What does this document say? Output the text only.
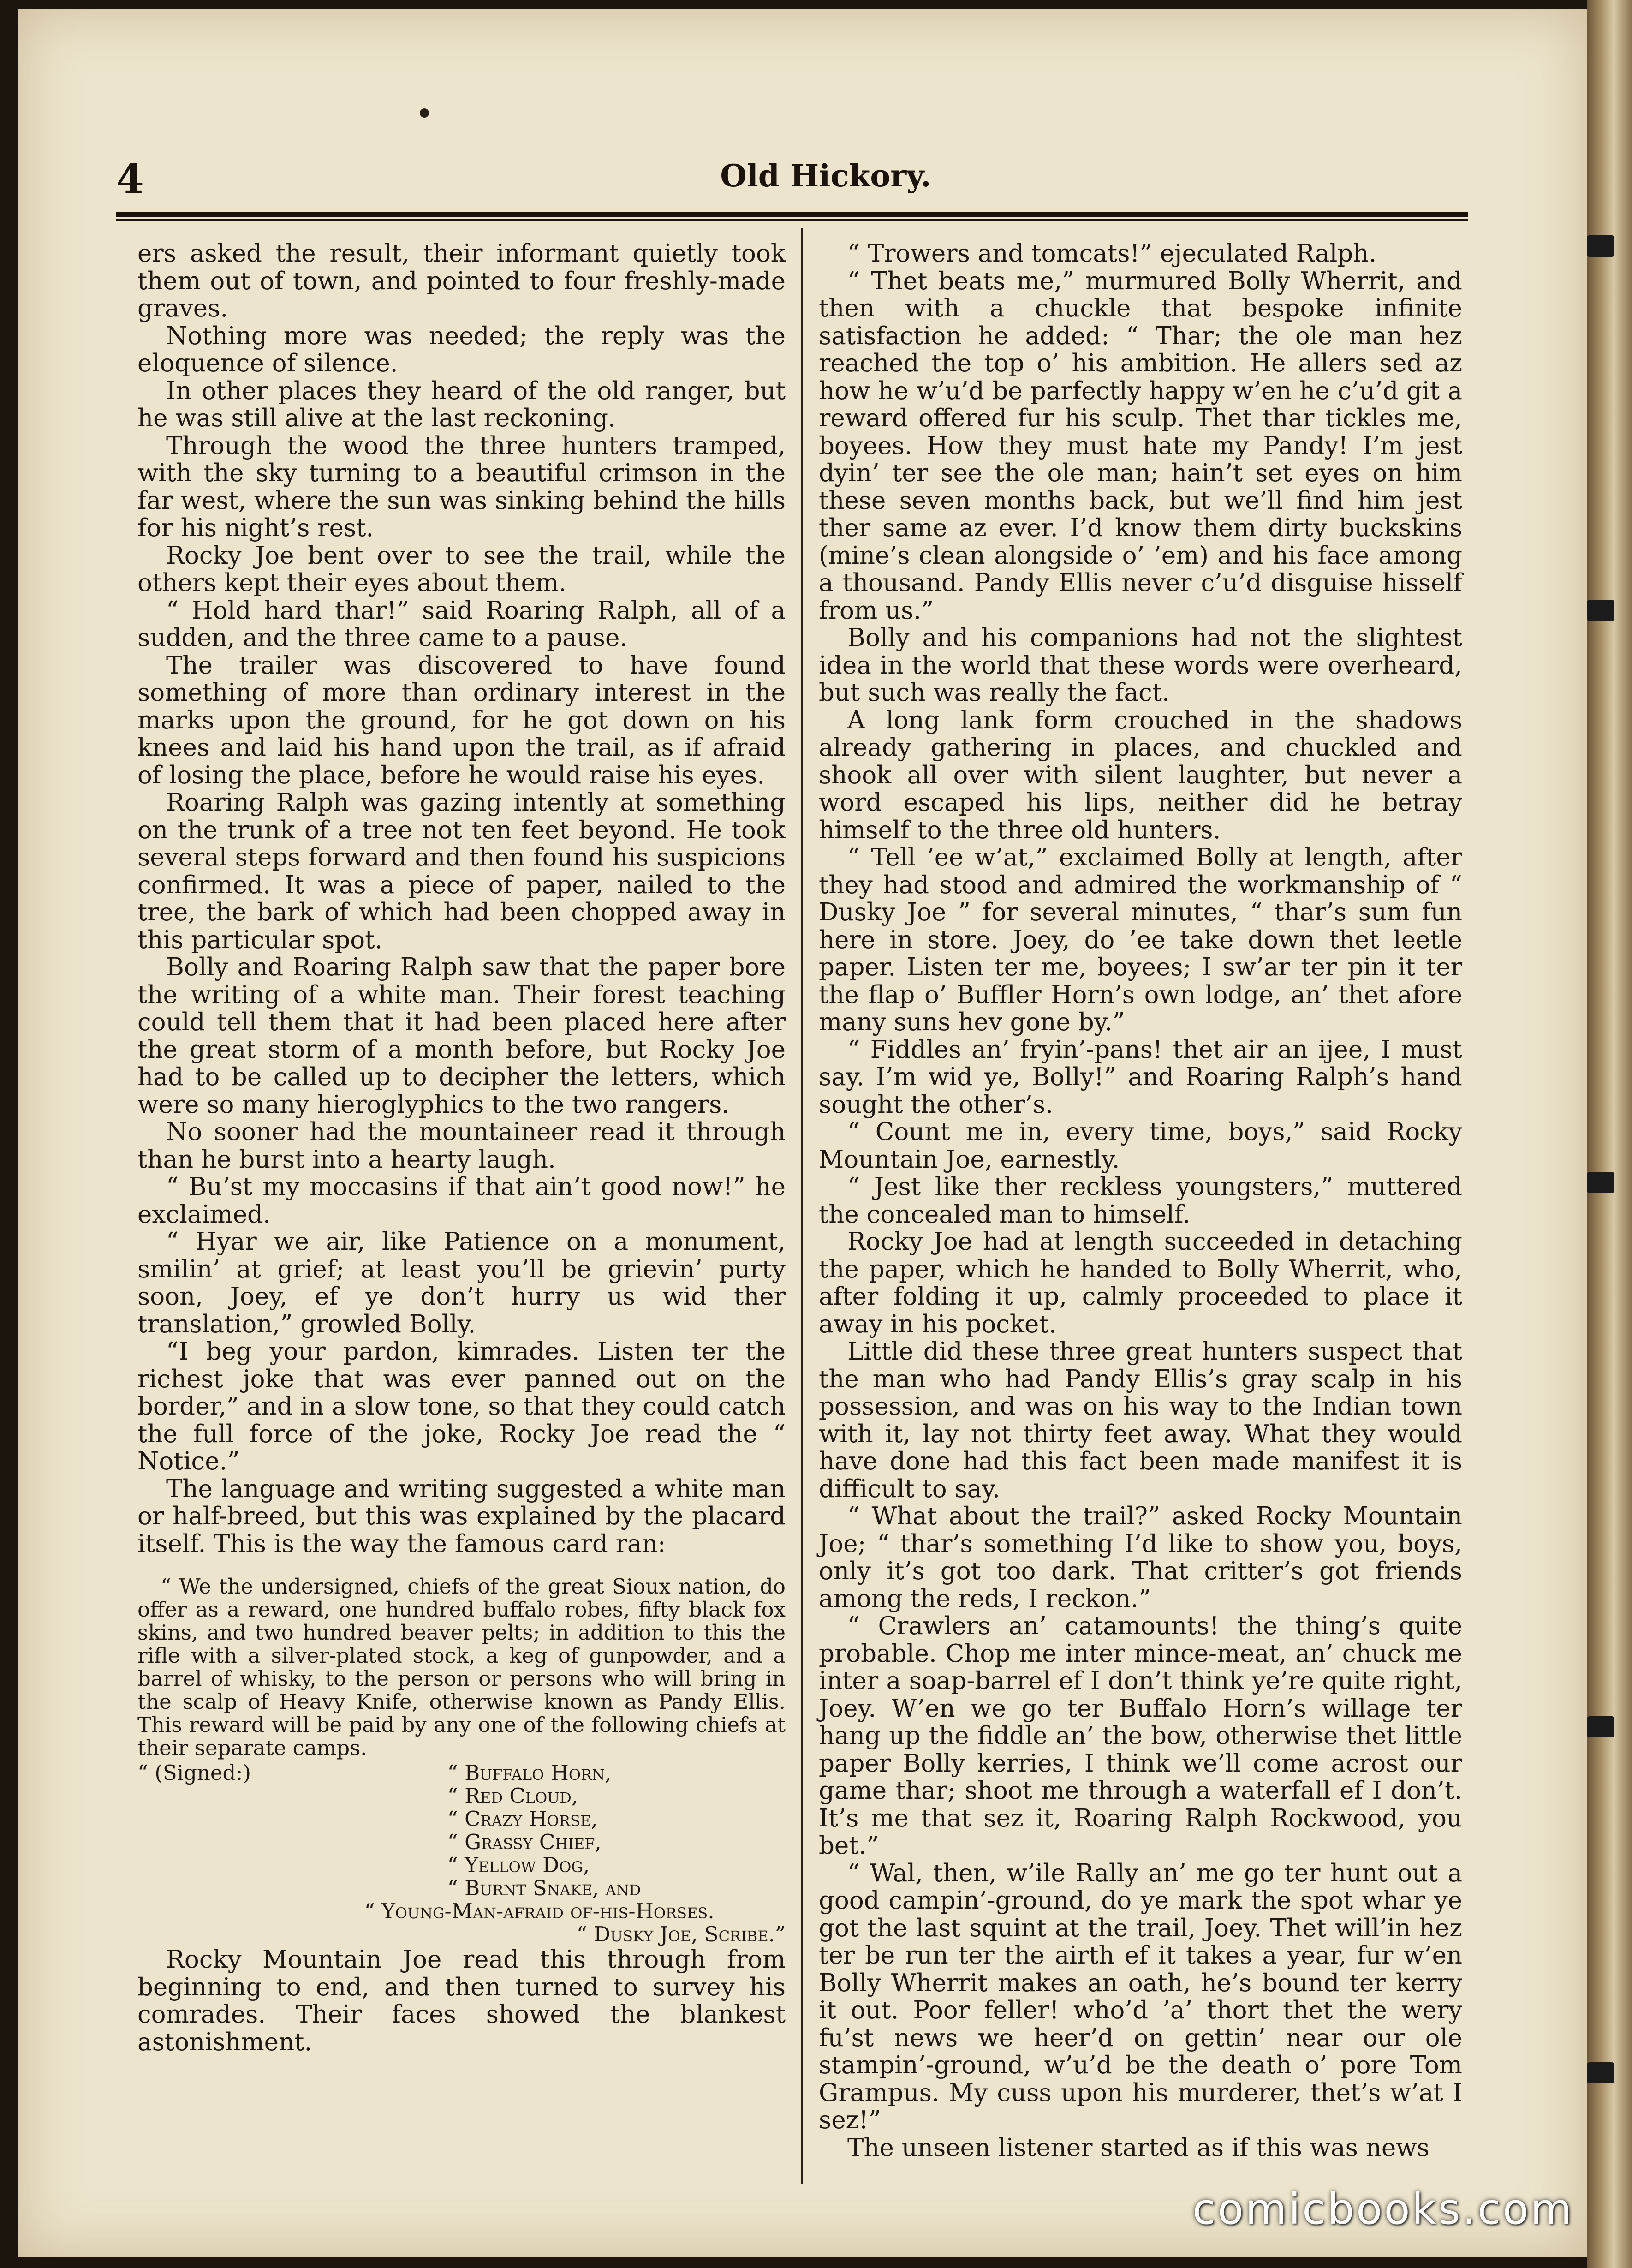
4	Old Hickory.

ers asked the result, their informant quietly took them out of town, and pointed to four freshly-made graves.

Nothing more was needed; the reply was the eloquence of silence.

In other places they heard of the old ranger, but he was still alive at the last reckoning.

Through the wood the three hunters tramped, with the sky turning to a beautiful crimson in the far west, where the sun was sinking behind the hills for his night’s rest.

Rocky Joe bent over to see the trail, while the others kept their eyes about them.

“ Hold hard thar!” said Roaring Ralph, all of a sudden, and the three came to a pause.

The trailer was discovered to have found something of more than ordinary interest in the marks upon the ground, for he got down on his knees and laid his hand upon the trail, as if afraid of losing the place, before he would raise his eyes.

Roaring Ralph was gazing intently at something on the trunk of a tree not ten feet beyond. He took several steps forward and then found his suspicions confirmed. It was a piece of paper, nailed to the tree, the bark of which had been chopped away in this particular spot.

Bolly and Roaring Ralph saw that the paper bore the writing of a white man. Their forest teaching could tell them that it had been placed here after the great storm of a month before, but Rocky Joe had to be called up to decipher the letters, which were so many hieroglyphics to the two rangers.

No sooner had the mountaineer read it through than he burst into a hearty laugh.

“ Bu’st my moccasins if that ain’t good now!” he exclaimed.

“ Hyar we air, like Patience on a monument, smilin’ at grief; at least you’ll be grievin’ purty soon, Joey, ef ye don’t hurry us wid ther translation,” growled Bolly.

“I beg your pardon, kimrades. Listen ter the richest joke that was ever panned out on the border,” and in a slow tone, so that they could catch the full force of the joke, Rocky Joe read the “ Notice.”

The language and writing suggested a white man or half-breed, but this was explained by the placard itself. This is the way the famous card ran:

“ We the undersigned, chiefs of the great Sioux nation, do offer as a reward, one hundred buffalo robes, fifty black fox skins, and two hundred beaver pelts; in addition to this the rifle with a silver-plated stock, a keg of gunpowder, and a barrel of whisky, to the person or persons who will bring in the scalp of Heavy Knife, otherwise known as Pandy Ellis. This reward will be paid by any one of the following chiefs at their separate camps.

“ (Signed:)	“ Buffalo Horn,
“ Red Cloud,
“ Crazy Horse,
“ Grassy Chief,
“ Yellow Dog,
“ Burnt Snake, and
“ Young-Man-afraid of-his-Horses.
“ Dusky Joe, Scribe.”

Rocky Mountain Joe read this through from beginning to end, and then turned to survey his comrades. Their faces showed the blankest astonishment.

“ Trowers and tomcats!” ejeculated Ralph.

“ Thet beats me,” murmured Bolly Wherrit, and then with a chuckle that bespoke infinite satisfaction he added: “ Thar; the ole man hez reached the top o’ his ambition. He allers sed az how he w’u’d be parfectly happy w’en he c’u’d git a reward offered fur his sculp. Thet thar tickles me, boyees. How they must hate my Pandy! I’m jest dyin’ ter see the ole man; hain’t set eyes on him these seven months back, but we’ll find him jest ther same az ever. I’d know them dirty buckskins (mine’s clean alongside o’ ’em) and his face among a thousand. Pandy Ellis never c’u’d disguise hisself from us.”

Bolly and his companions had not the slightest idea in the world that these words were overheard, but such was really the fact.

A long lank form crouched in the shadows already gathering in places, and chuckled and shook all over with silent laughter, but never a word escaped his lips, neither did he betray himself to the three old hunters.

“ Tell ’ee w’at,” exclaimed Bolly at length, after they had stood and admired the workmanship of “ Dusky Joe ” for several minutes, “ thar’s sum fun here in store. Joey, do ’ee take down thet leetle paper. Listen ter me, boyees; I sw’ar ter pin it ter the flap o’ Buffler Horn’s own lodge, an’ thet afore many suns hev gone by.”

“ Fiddles an’ fryin’-pans! thet air an ijee, I must say. I’m wid ye, Bolly!” and Roaring Ralph’s hand sought the other’s.

“ Count me in, every time, boys,” said Rocky Mountain Joe, earnestly.

“ Jest like ther reckless youngsters,” muttered the concealed man to himself.

Rocky Joe had at length succeeded in detaching the paper, which he handed to Bolly Wherrit, who, after folding it up, calmly proceeded to place it away in his pocket.

Little did these three great hunters suspect that the man who had Pandy Ellis’s gray scalp in his possession, and was on his way to the Indian town with it, lay not thirty feet away. What they would have done had this fact been made manifest it is difficult to say.

“ What about the trail?” asked Rocky Mountain Joe; “ thar’s something I’d like to show you, boys, only it’s got too dark. That critter’s got friends among the reds, I reckon.”

“ Crawlers an’ catamounts! the thing’s quite probable. Chop me inter mince-meat, an’ chuck me inter a soap-barrel ef I don’t think ye’re quite right, Joey. W’en we go ter Buffalo Horn’s willage ter hang up the fiddle an’ the bow, otherwise thet little paper Bolly kerries, I think we’ll come acrost our game thar; shoot me through a waterfall ef I don’t. It’s me that sez it, Roaring Ralph Rockwood, you bet.”

“ Wal, then, w’ile Rally an’ me go ter hunt out a good campin’-ground, do ye mark the spot whar ye got the last squint at the trail, Joey. Thet will’in hez ter be run ter the airth ef it takes a year, fur w’en Bolly Wherrit makes an oath, he’s bound ter kerry it out. Poor feller! who’d ’a’ thort thet the wery fu’st news we heer’d on gettin’ near our ole stampin’-ground, w’u’d be the death o’ pore Tom Grampus. My cuss upon his murderer, thet’s w’at I sez!”

The unseen listener started as if this was news

comicbooks.com
